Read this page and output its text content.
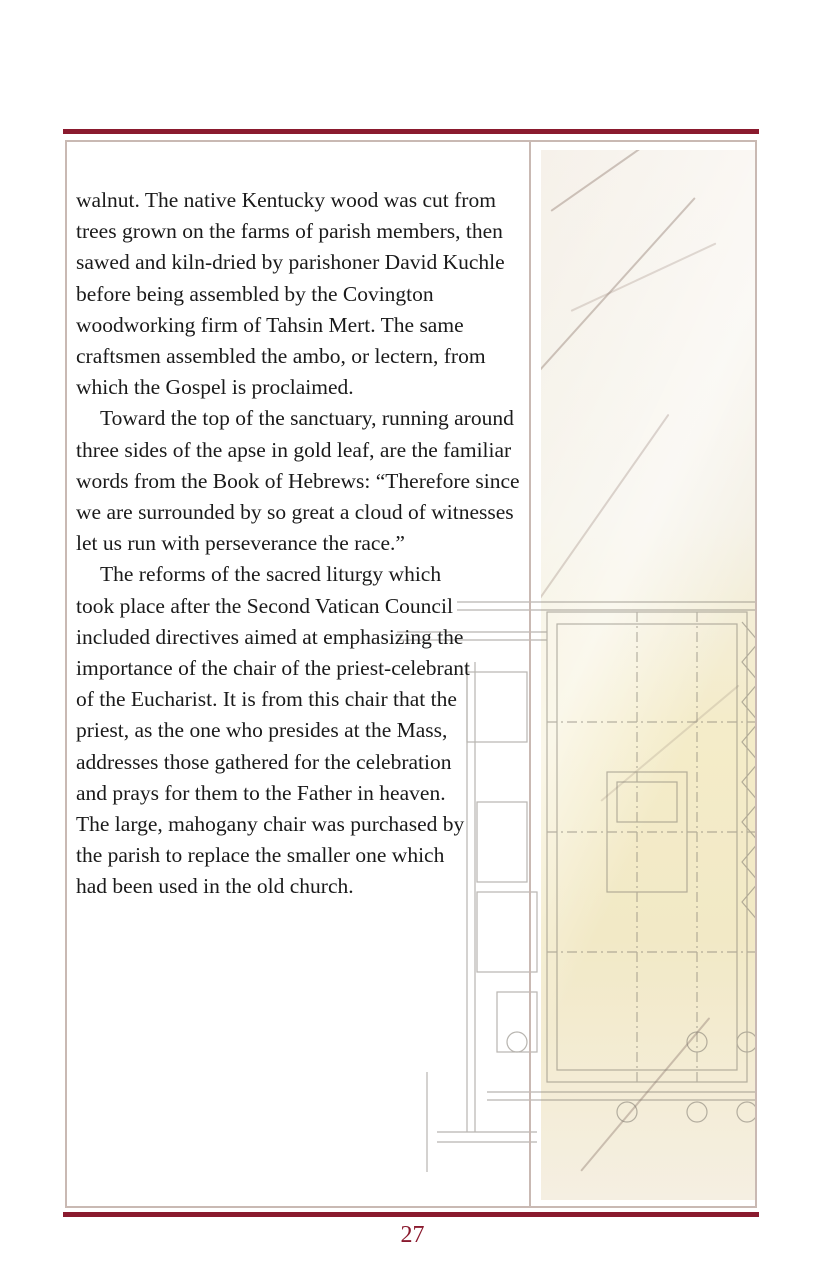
walnut. The native Kentucky wood was cut from trees grown on the farms of parish members, then sawed and kiln-dried by parishoner David Kuchle before being assembled by the Covington woodworking firm of Tahsin Mert. The same craftsmen assembled the ambo, or lectern, from which the Gospel is proclaimed.

Toward the top of the sanctuary, running around three sides of the apse in gold leaf, are the familiar words from the Book of Hebrews: “Therefore since we are surrounded by so great a cloud of witnesses let us run with perseverance the race.”

The reforms of the sacred liturgy which took place after the Second Vatican Council included directives aimed at emphasizing the importance of the chair of the priest-celebrant of the Eucharist. It is from this chair that the priest, as the one who presides at the Mass, addresses those gathered for the celebration and prays for them to the Father in heaven. The large, mahogany chair was purchased by the parish to replace the smaller one which had been used in the old church.

27
